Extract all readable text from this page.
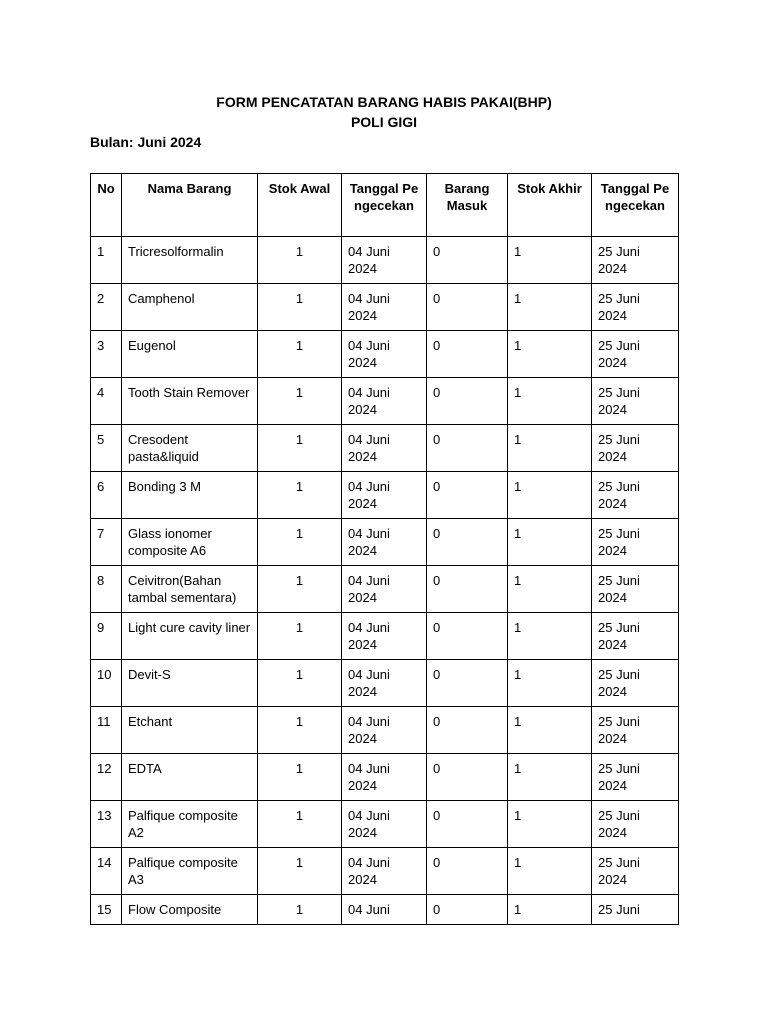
FORM PENCATATAN BARANG HABIS PAKAI(BHP)
POLI GIGI
Bulan: Juni 2024
No	Nama Barang	Stok Awal	Tanggal Pengecekan	Barang Masuk	Stok Akhir	Tanggal Pengecekan
1	Tricresolformalin	1	04 Juni 2024	0	1	25 Juni 2024
2	Camphenol	1	04 Juni 2024	0	1	25 Juni 2024
3	Eugenol	1	04 Juni 2024	0	1	25 Juni 2024
4	Tooth Stain Remover	1	04 Juni 2024	0	1	25 Juni 2024
5	Cresodent pasta&liquid	1	04 Juni 2024	0	1	25 Juni 2024
6	Bonding 3 M	1	04 Juni 2024	0	1	25 Juni 2024
7	Glass ionomer composite A6	1	04 Juni 2024	0	1	25 Juni 2024
8	Ceivitron(Bahan tambal sementara)	1	04 Juni 2024	0	1	25 Juni 2024
9	Light cure cavity liner	1	04 Juni 2024	0	1	25 Juni 2024
10	Devit-S	1	04 Juni 2024	0	1	25 Juni 2024
11	Etchant	1	04 Juni 2024	0	1	25 Juni 2024
12	EDTA	1	04 Juni 2024	0	1	25 Juni 2024
13	Palfique composite A2	1	04 Juni 2024	0	1	25 Juni 2024
14	Palfique composite A3	1	04 Juni 2024	0	1	25 Juni 2024
15	Flow Composite	1	04 Juni	0	1	25 Juni
